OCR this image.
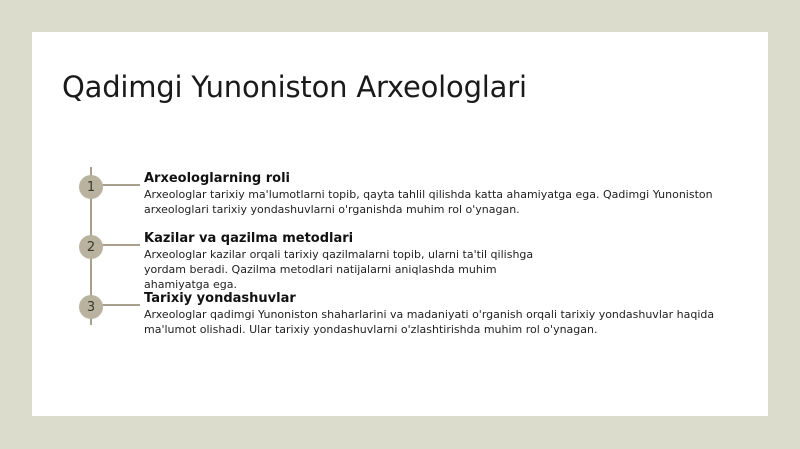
Qadimgi Yunoniston Arxeologlari
1
Arxeologlarning roli
Arxeologlar tarixiy ma'lumotlarni topib, qayta tahlil qilishda katta ahamiyatga ega. Qadimgi Yunoniston arxeologlari tarixiy yondashuvlarni o'rganishda muhim rol o'ynagan.
2
Kazilar va qazilma metodlari
Arxeologlar kazilar orqali tarixiy qazilmalarni topib, ularni ta'til qilishga yordam beradi. Qazilma metodlari natijalarni aniqlashda muhim ahamiyatga ega.
3
Tarixiy yondashuvlar
Arxeologlar qadimgi Yunoniston shaharlarini va madaniyati o'rganish orqali tarixiy yondashuvlar haqida ma'lumot olishadi. Ular tarixiy yondashuvlarni o'zlashtirishda muhim rol o'ynagan.
